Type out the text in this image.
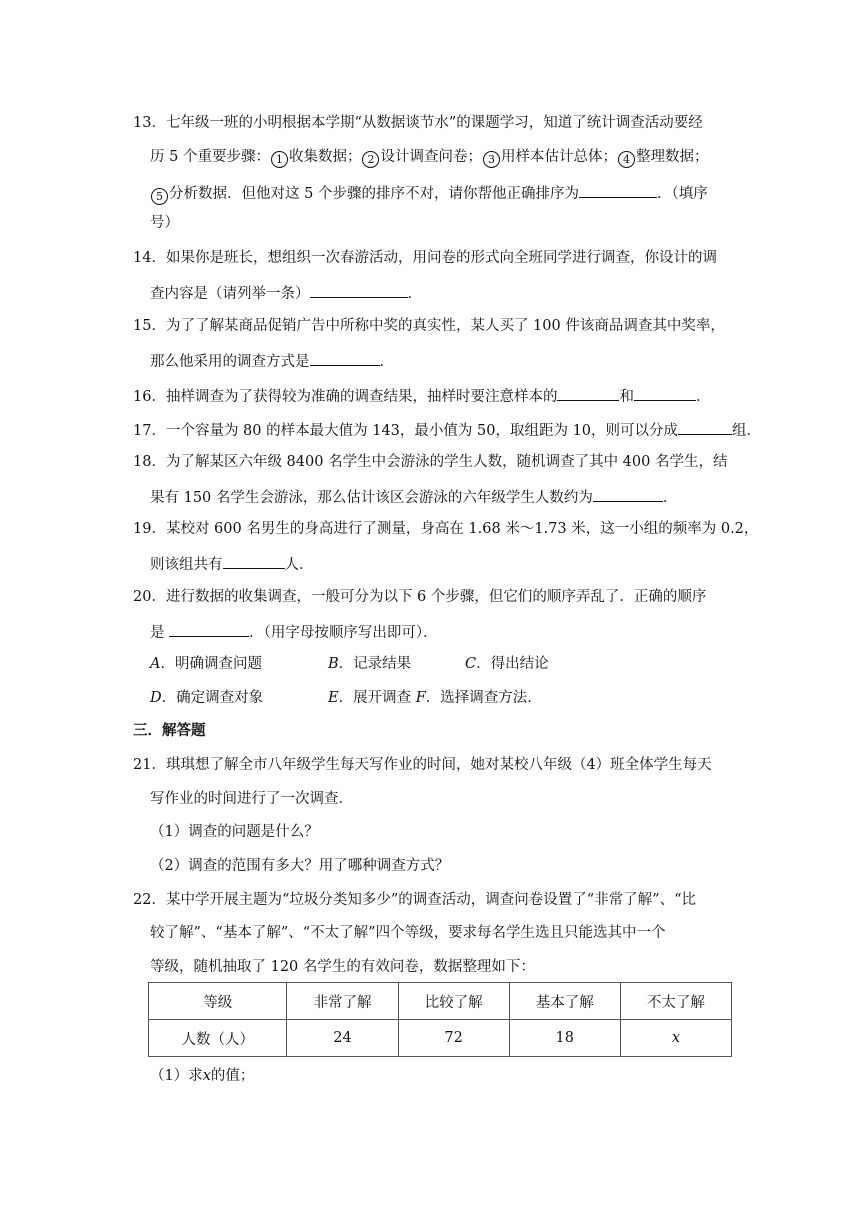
13．七年级一班的小明根据本学期“从数据谈节水”的课题学习，知道了统计调查活动要经
历 5 个重要步骤： 1 收集数据； 2 设计调查问卷； 3 用样本估计总体； 4 整理数据；
5 分析数据．但他对这 5 个步骤的排序不对，请你帮他正确排序为	．（填序
号）
14．如果你是班长，想组织一次春游活动，用问卷的形式向全班同学进行调查，你设计的调
查内容是（请列举一条）	．
15．为了了解某商品促销广告中所称中奖的真实性，某人买了 100 件该商品调查其中奖率，
那么他采用的调查方式是	．
16．抽样调查为了获得较为准确的调查结果，抽样时要注意样本的	和	．
17．一个容量为 80 的样本最大值为 143，最小值为 50，取组距为 10，则可以分成	组．
18．为了解某区六年级 8400 名学生中会游泳的学生人数，随机调查了其中 400 名学生，结
果有 150 名学生会游泳，那么估计该区会游泳的六年级学生人数约为	．
19．某校对 600 名男生的身高进行了测量，身高在 1.68 米～1.73 米，这一小组的频率为 0.2，
则该组共有	人．
20．进行数据的收集调查，一般可分为以下 6 个步骤，但它们的顺序弄乱了．正确的顺序
是	．（用字母按顺序写出即可）．
A．明确调查问题	B．记录结果	C．得出结论
D．确定调查对象	E．展开调查 F．选择调查方法．
三．解答题
21．琪琪想了解全市八年级学生每天写作业的时间，她对某校八年级（4）班全体学生每天
写作业的时间进行了一次调查．
（1）调查的问题是什么？
（2）调查的范围有多大？用了哪种调查方式？
22．某中学开展主题为“垃圾分类知多少”的调查活动，调查问卷设置了“非常了解”、“比
较了解”、“基本了解”、“不太了解”四个等级，要求每名学生选且只能选其中一个
等级，随机抽取了 120 名学生的有效问卷，数据整理如下：
等级	非常了解	比较了解	基本了解	不太了解
人数（人）	24	72	18	x
（1）求x的值；
